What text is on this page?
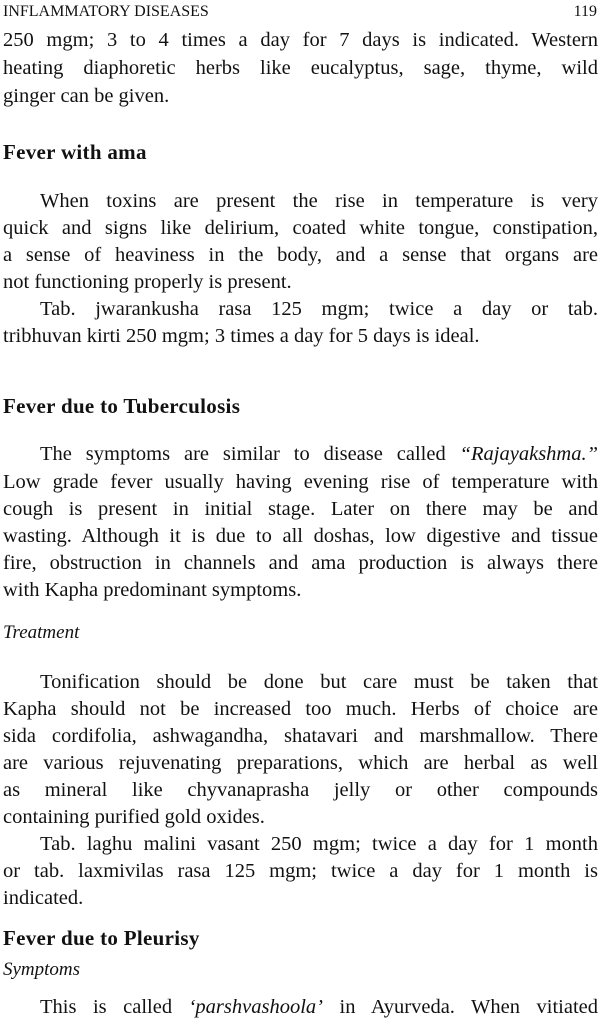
INFLAMMATORY DISEASES	119
250 mgm; 3 to 4 times a day for 7 days is indicated. Western
heating diaphoretic herbs like eucalyptus, sage, thyme, wild
ginger can be given.
Fever with ama
When toxins are present the rise in temperature is very
quick and signs like delirium, coated white tongue, constipation,
a sense of heaviness in the body, and a sense that organs are
not functioning properly is present.
Tab. jwarankusha rasa 125 mgm; twice a day or tab.
tribhuvan kirti 250 mgm; 3 times a day for 5 days is ideal.
Fever due to Tuberculosis
The symptoms are similar to disease called “Rajayakshma.”
Low grade fever usually having evening rise of temperature with
cough is present in initial stage. Later on there may be and
wasting. Although it is due to all doshas, low digestive and tissue
fire, obstruction in channels and ama production is always there
with Kapha predominant symptoms.
Treatment
Tonification should be done but care must be taken that
Kapha should not be increased too much. Herbs of choice are
sida cordifolia, ashwagandha, shatavari and marshmallow. There
are various rejuvenating preparations, which are herbal as well
as mineral like chyvanaprasha jelly or other compounds
containing purified gold oxides.
Tab. laghu malini vasant 250 mgm; twice a day for 1 month
or tab. laxmivilas rasa 125 mgm; twice a day for 1 month is
indicated.
Fever due to Pleurisy
Symptoms
This is called ‘parshvashoola’ in Ayurveda. When vitiated
